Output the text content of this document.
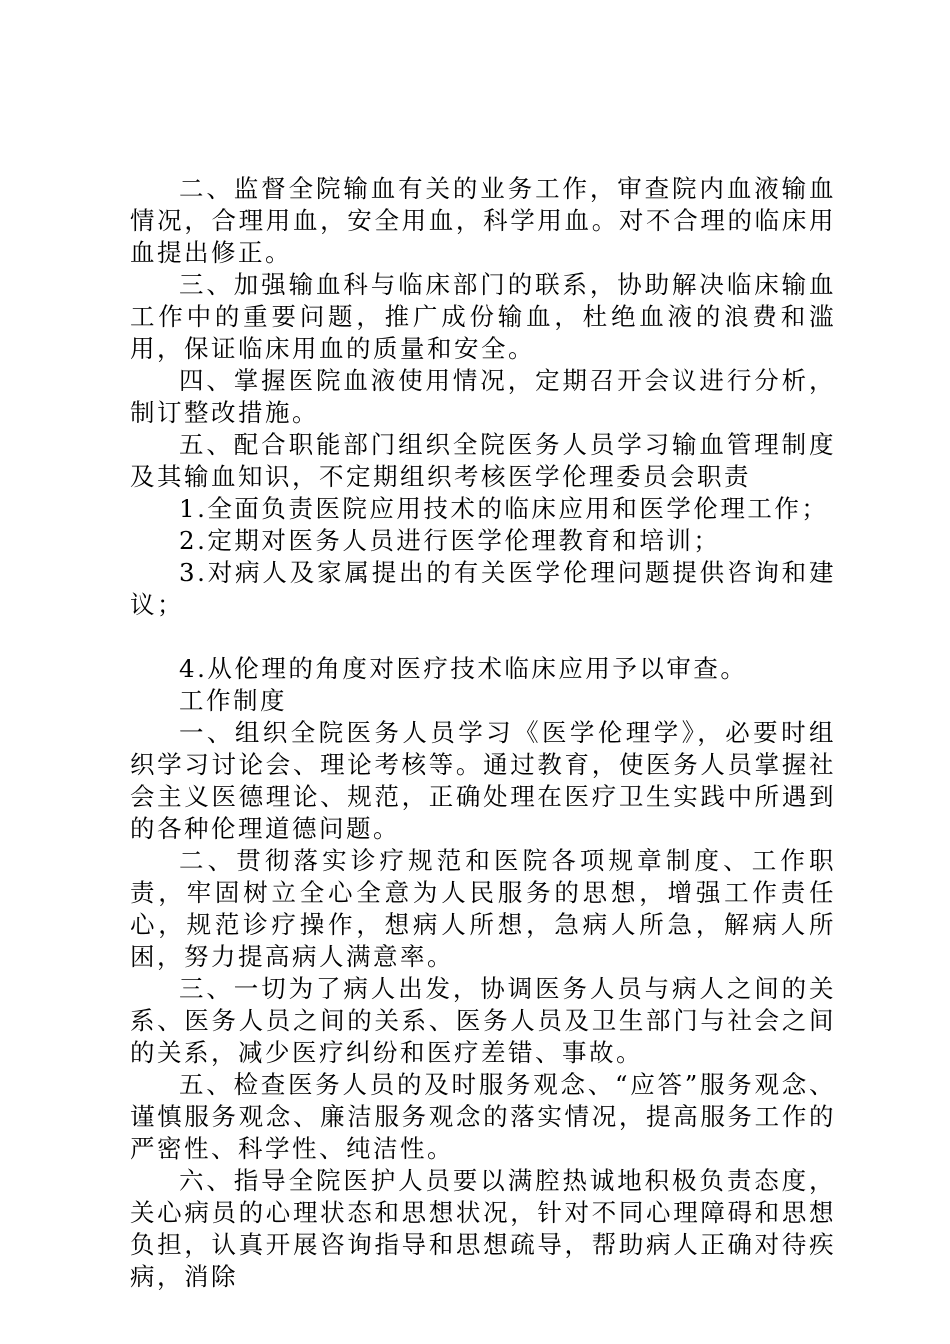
二、监督全院输血有关的业务工作，审查院内血液输血情况，合理用血，安全用血，科学用血。对不合理的临床用血提出修正。

三、加强输血科与临床部门的联系，协助解决临床输血工作中的重要问题，推广成份输血，杜绝血液的浪费和滥用，保证临床用血的质量和安全。

四、掌握医院血液使用情况，定期召开会议进行分析，制订整改措施。

五、配合职能部门组织全院医务人员学习输血管理制度及其输血知识，不定期组织考核医学伦理委员会职责

1.全面负责医院应用技术的临床应用和医学伦理工作；

2.定期对医务人员进行医学伦理教育和培训；

3.对病人及家属提出的有关医学伦理问题提供咨询和建议；

4.从伦理的角度对医疗技术临床应用予以审查。

工作制度

一、组织全院医务人员学习《医学伦理学》，必要时组织学习讨论会、理论考核等。通过教育，使医务人员掌握社会主义医德理论、规范，正确处理在医疗卫生实践中所遇到的各种伦理道德问题。

二、贯彻落实诊疗规范和医院各项规章制度、工作职责，牢固树立全心全意为人民服务的思想，增强工作责任心，规范诊疗操作，想病人所想，急病人所急，解病人所困，努力提高病人满意率。

三、一切为了病人出发，协调医务人员与病人之间的关系、医务人员之间的关系、医务人员及卫生部门与社会之间的关系，减少医疗纠纷和医疗差错、事故。

五、检查医务人员的及时服务观念、“应答”服务观念、谨慎服务观念、廉洁服务观念的落实情况，提高服务工作的严密性、科学性、纯洁性。

六、指导全院医护人员要以满腔热诚地积极负责态度，关心病员的心理状态和思想状况，针对不同心理障碍和思想负担，认真开展咨询指导和思想疏导，帮助病人正确对待疾病，消除
